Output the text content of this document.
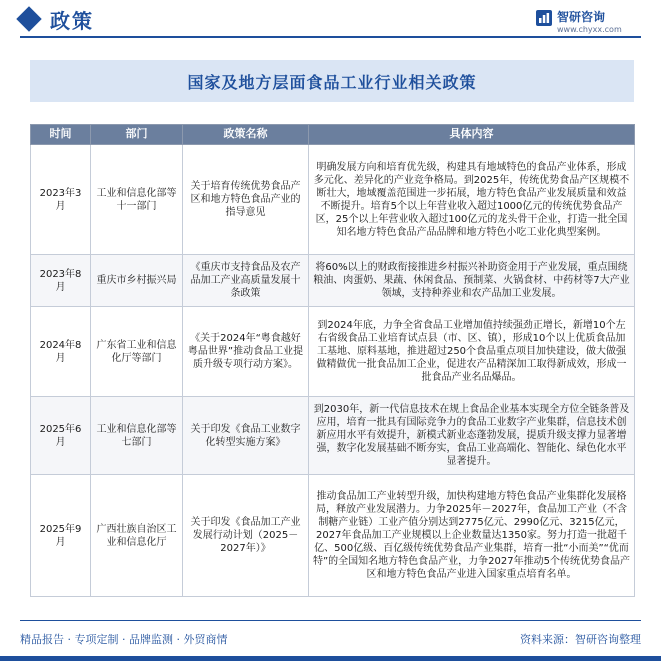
政策	智研咨询
www.chyxx.com
国家及地方层面食品工业行业相关政策
时间	部门	政策名称	具体内容
2023年3月	工业和信息化部等十一部门	关于培育传统优势食品产区和地方特色食品产业的指导意见	明确发展方向和培育优先级，构建具有地域特色的食品产业体系，形成多元化、差异化的产业竞争格局。到2025年，传统优势食品产区规模不断壮大，地域覆盖范围进一步拓展，地方特色食品产业发展质量和效益不断提升。培育5个以上年营业收入超过1000亿元的传统优势食品产区，25个以上年营业收入超过100亿元的龙头骨干企业，打造一批全国知名地方特色食品产品品牌和地方特色小吃工业化典型案例。
2023年8月	重庆市乡村振兴局	《重庆市支持食品及农产品加工产业高质量发展十条政策	将60%以上的财政衔接推进乡村振兴补助资金用于产业发展，重点围绕粮油、肉蛋奶、果蔬、休闲食品、预制菜、火锅食材、中药材等7大产业领域，支持种养业和农产品加工业发展。
2024年8月	广东省工业和信息化厅等部门	《关于2024年“粤食越好粤品世界”推动食品工业提质升级专项行动方案》。	到2024年底，力争全省食品工业增加值持续强劲正增长，新增10个左右省级食品工业培育试点县（市、区、镇），形成10个以上优质食品加工基地、原料基地，推进超过250个食品重点项目加快建设，做大做强做精做优一批食品加工企业，促进农产品精深加工取得新成效，形成一批食品产业名品爆品。
2025年6月	工业和信息化部等七部门	关于印发《食品工业数字化转型实施方案》	到2030年，新一代信息技术在规上食品企业基本实现全方位全链条普及应用，培育一批具有国际竞争力的食品工业数字产业集群，信息技术创新应用水平有效提升，新模式新业态蓬勃发展，提质升级支撑力显著增强，数字化发展基础不断夯实，食品工业高端化、智能化、绿色化水平显著提升。
2025年9月	广西壮族自治区工业和信息化厅	关于印发《食品加工产业发展行动计划（2025－2027年）》	推动食品加工产业转型升级，加快构建地方特色食品产业集群化发展格局，释放产业发展潜力。力争2025年－2027年，食品加工产业（不含制糖产业链）工业产值分别达到2775亿元、2990亿元、3215亿元，2027年食品加工产业规模以上企业数量达1350家。努力打造一批超千亿、500亿级、百亿级传统优势食品产业集群，培育一批“小而美”“优而特”的全国知名地方特色食品产业，力争2027年推动5个传统优势食品产区和地方特色食品产业进入国家重点培育名单。
精品报告 · 专项定制 · 品牌监测 · 外贸商情	资料来源：智研咨询整理
